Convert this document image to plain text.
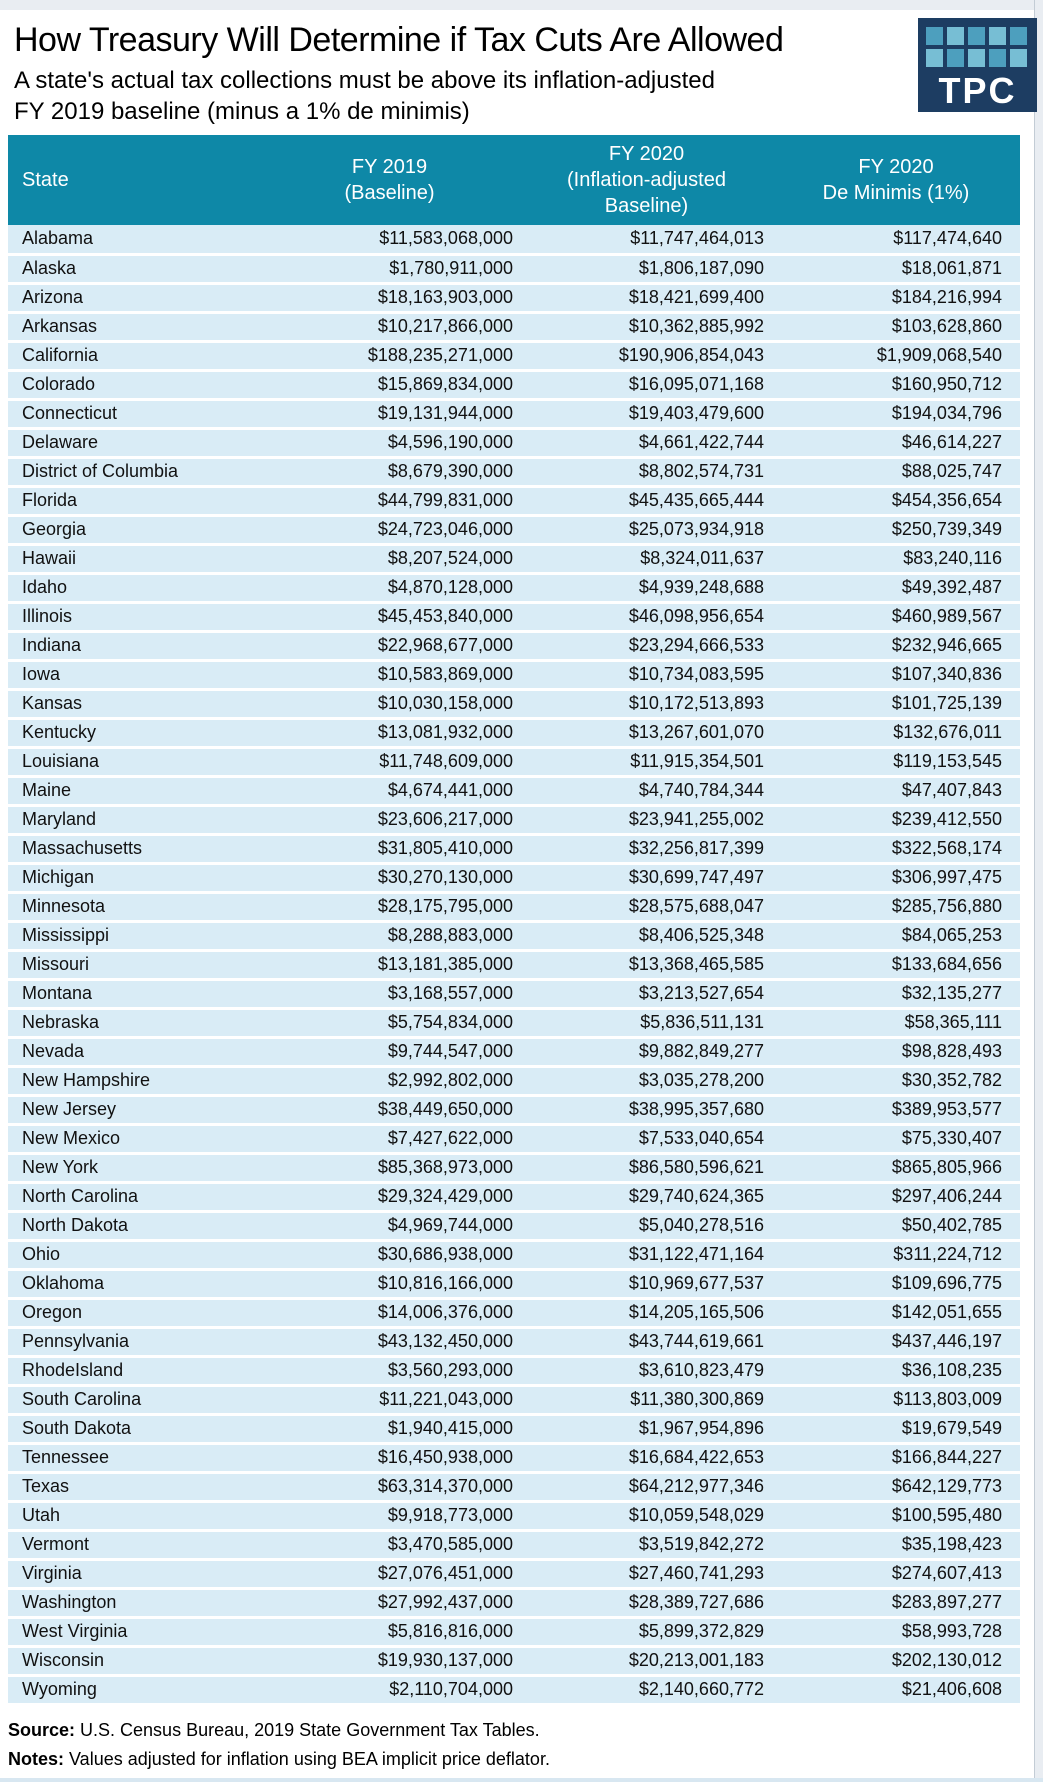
How Treasury Will Determine if Tax Cuts Are Allowed
A state's actual tax collections must be above its inflation-adjusted
FY 2019 baseline (minus a 1% de minimis)
TPC
State

FY 2019
(Baseline)

FY 2020
(Inflation-adjusted
Baseline)

FY 2020
De Minimis (1%)

Alabama	$11,583,068,000	$11,747,464,013	$117,474,640
Alaska	$1,780,911,000	$1,806,187,090	$18,061,871
Arizona	$18,163,903,000	$18,421,699,400	$184,216,994
Arkansas	$10,217,866,000	$10,362,885,992	$103,628,860
California	$188,235,271,000	$190,906,854,043	$1,909,068,540
Colorado	$15,869,834,000	$16,095,071,168	$160,950,712
Connecticut	$19,131,944,000	$19,403,479,600	$194,034,796
Delaware	$4,596,190,000	$4,661,422,744	$46,614,227
District of Columbia	$8,679,390,000	$8,802,574,731	$88,025,747
Florida	$44,799,831,000	$45,435,665,444	$454,356,654
Georgia	$24,723,046,000	$25,073,934,918	$250,739,349
Hawaii	$8,207,524,000	$8,324,011,637	$83,240,116
Idaho	$4,870,128,000	$4,939,248,688	$49,392,487
Illinois	$45,453,840,000	$46,098,956,654	$460,989,567
Indiana	$22,968,677,000	$23,294,666,533	$232,946,665
Iowa	$10,583,869,000	$10,734,083,595	$107,340,836
Kansas	$10,030,158,000	$10,172,513,893	$101,725,139
Kentucky	$13,081,932,000	$13,267,601,070	$132,676,011
Louisiana	$11,748,609,000	$11,915,354,501	$119,153,545
Maine	$4,674,441,000	$4,740,784,344	$47,407,843
Maryland	$23,606,217,000	$23,941,255,002	$239,412,550
Massachusetts	$31,805,410,000	$32,256,817,399	$322,568,174
Michigan	$30,270,130,000	$30,699,747,497	$306,997,475
Minnesota	$28,175,795,000	$28,575,688,047	$285,756,880
Mississippi	$8,288,883,000	$8,406,525,348	$84,065,253
Missouri	$13,181,385,000	$13,368,465,585	$133,684,656
Montana	$3,168,557,000	$3,213,527,654	$32,135,277
Nebraska	$5,754,834,000	$5,836,511,131	$58,365,111
Nevada	$9,744,547,000	$9,882,849,277	$98,828,493
New Hampshire	$2,992,802,000	$3,035,278,200	$30,352,782
New Jersey	$38,449,650,000	$38,995,357,680	$389,953,577
New Mexico	$7,427,622,000	$7,533,040,654	$75,330,407
New York	$85,368,973,000	$86,580,596,621	$865,805,966
North Carolina	$29,324,429,000	$29,740,624,365	$297,406,244
North Dakota	$4,969,744,000	$5,040,278,516	$50,402,785
Ohio	$30,686,938,000	$31,122,471,164	$311,224,712
Oklahoma	$10,816,166,000	$10,969,677,537	$109,696,775
Oregon	$14,006,376,000	$14,205,165,506	$142,051,655
Pennsylvania	$43,132,450,000	$43,744,619,661	$437,446,197
RhodeIsland	$3,560,293,000	$3,610,823,479	$36,108,235
South Carolina	$11,221,043,000	$11,380,300,869	$113,803,009
South Dakota	$1,940,415,000	$1,967,954,896	$19,679,549
Tennessee	$16,450,938,000	$16,684,422,653	$166,844,227
Texas	$63,314,370,000	$64,212,977,346	$642,129,773
Utah	$9,918,773,000	$10,059,548,029	$100,595,480
Vermont	$3,470,585,000	$3,519,842,272	$35,198,423
Virginia	$27,076,451,000	$27,460,741,293	$274,607,413
Washington	$27,992,437,000	$28,389,727,686	$283,897,277
West Virginia	$5,816,816,000	$5,899,372,829	$58,993,728
Wisconsin	$19,930,137,000	$20,213,001,183	$202,130,012
Wyoming	$2,110,704,000	$2,140,660,772	$21,406,608
Source: U.S. Census Bureau, 2019 State Government Tax Tables.
Notes: Values adjusted for inflation using BEA implicit price deflator.
